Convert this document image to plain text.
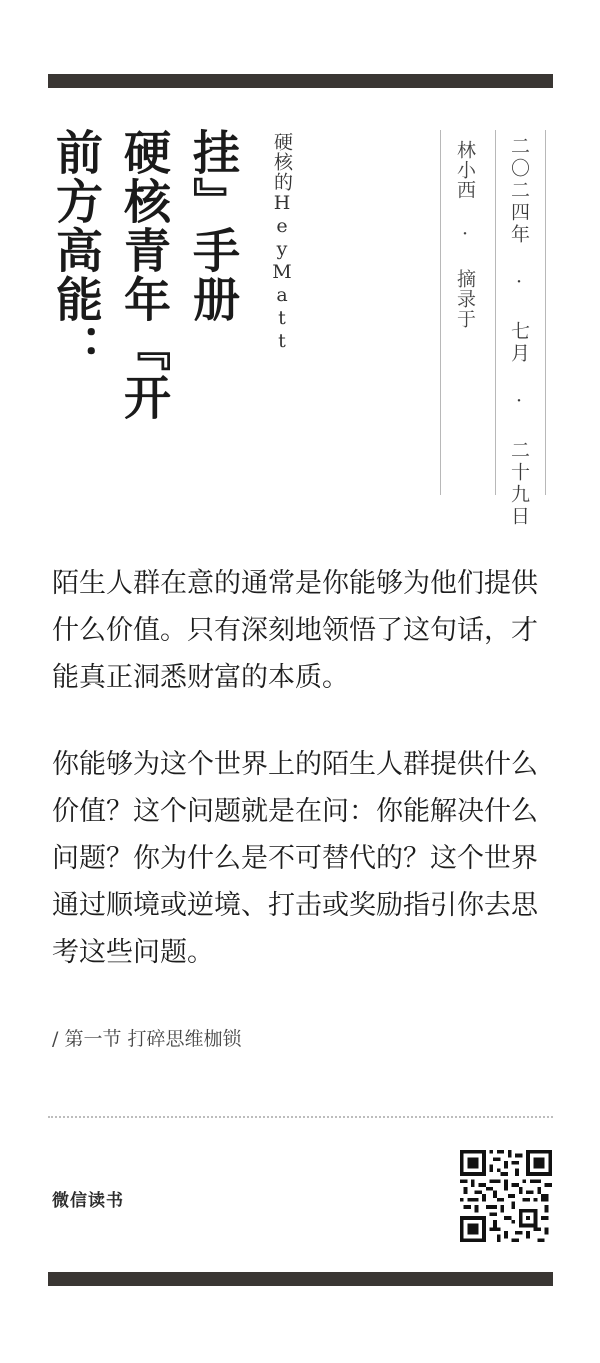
挂』手册
硬核青年『开
前方高能：	硬核的HeyMatt	林小西 · 摘录于 二〇二四年 · 七月 · 二十九日

陌生人群在意的通常是你能够为他们提供什么价值。只有深刻地领悟了这句话，才能真正洞悉财富的本质。

你能够为这个世界上的陌生人群提供什么价值？这个问题就是在问：你能解决什么问题？你为什么是不可替代的？这个世界通过顺境或逆境、打击或奖励指引你去思考这些问题。

/ 第一节 打碎思维枷锁
微信读书
